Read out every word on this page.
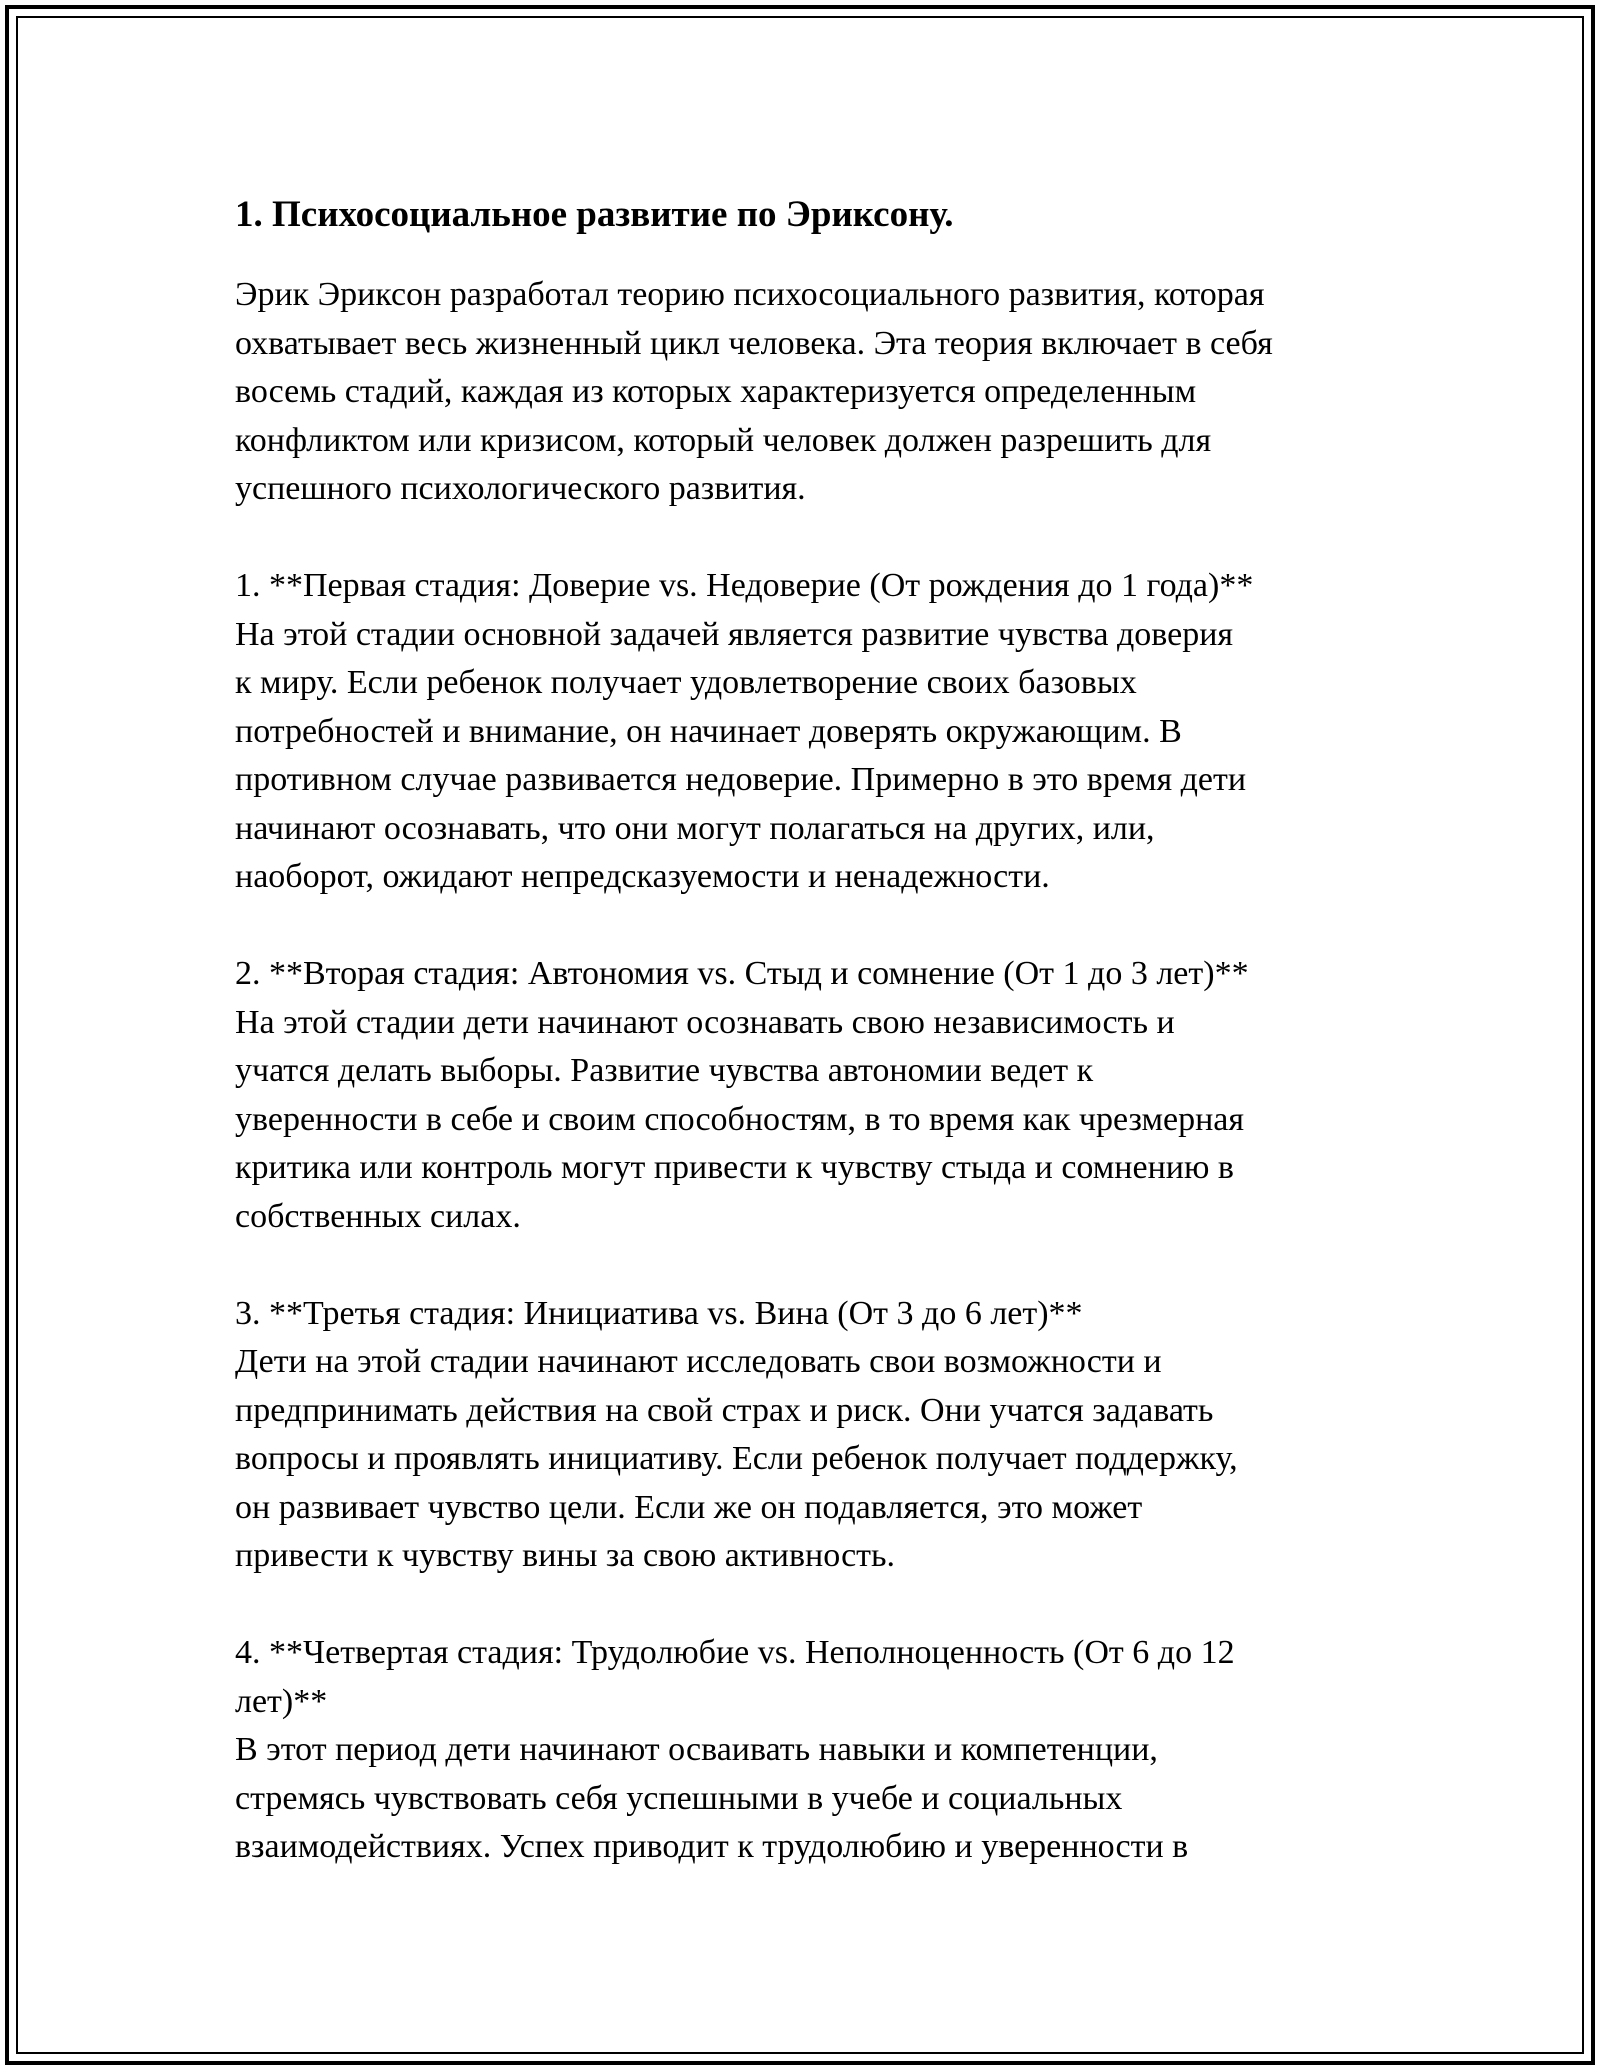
1. Психосоциальное развитие по Эриксону.

Эрик Эриксон разработал теорию психосоциального развития, которая
охватывает весь жизненный цикл человека. Эта теория включает в себя
восемь стадий, каждая из которых характеризуется определенным
конфликтом или кризисом, который человек должен разрешить для
успешного психологического развития.

1. **Первая стадия: Доверие vs. Недоверие (От рождения до 1 года)**

На этой стадии основной задачей является развитие чувства доверия
к миру. Если ребенок получает удовлетворение своих базовых
потребностей и внимание, он начинает доверять окружающим. В
противном случае развивается недоверие. Примерно в это время дети
начинают осознавать, что они могут полагаться на других, или,
наоборот, ожидают непредсказуемости и ненадежности.

2. **Вторая стадия: Автономия vs. Стыд и сомнение (От 1 до 3 лет)**

На этой стадии дети начинают осознавать свою независимость и
учатся делать выборы. Развитие чувства автономии ведет к
уверенности в себе и своим способностям, в то время как чрезмерная
критика или контроль могут привести к чувству стыда и сомнению в
собственных силах.

3. **Третья стадия: Инициатива vs. Вина (От 3 до 6 лет)**

Дети на этой стадии начинают исследовать свои возможности и
предпринимать действия на свой страх и риск. Они учатся задавать
вопросы и проявлять инициативу. Если ребенок получает поддержку,
он развивает чувство цели. Если же он подавляется, это может
привести к чувству вины за свою активность.

4. **Четвертая стадия: Трудолюбие vs. Неполноценность (От 6 до 12
лет)**

В этот период дети начинают осваивать навыки и компетенции,
стремясь чувствовать себя успешными в учебе и социальных
взаимодействиях. Успех приводит к трудолюбию и уверенности в
